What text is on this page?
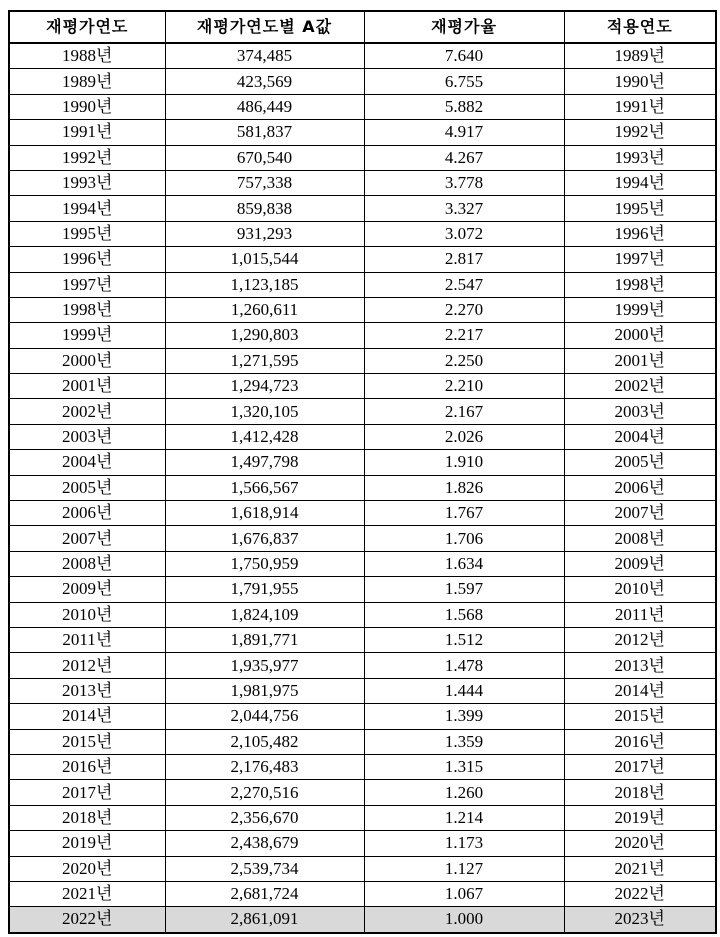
재평가연도	재평가연도별 A값	재평가율	적용연도
1988년	374,485	7.640	1989년
1989년	423,569	6.755	1990년
1990년	486,449	5.882	1991년
1991년	581,837	4.917	1992년
1992년	670,540	4.267	1993년
1993년	757,338	3.778	1994년
1994년	859,838	3.327	1995년
1995년	931,293	3.072	1996년
1996년	1,015,544	2.817	1997년
1997년	1,123,185	2.547	1998년
1998년	1,260,611	2.270	1999년
1999년	1,290,803	2.217	2000년
2000년	1,271,595	2.250	2001년
2001년	1,294,723	2.210	2002년
2002년	1,320,105	2.167	2003년
2003년	1,412,428	2.026	2004년
2004년	1,497,798	1.910	2005년
2005년	1,566,567	1.826	2006년
2006년	1,618,914	1.767	2007년
2007년	1,676,837	1.706	2008년
2008년	1,750,959	1.634	2009년
2009년	1,791,955	1.597	2010년
2010년	1,824,109	1.568	2011년
2011년	1,891,771	1.512	2012년
2012년	1,935,977	1.478	2013년
2013년	1,981,975	1.444	2014년
2014년	2,044,756	1.399	2015년
2015년	2,105,482	1.359	2016년
2016년	2,176,483	1.315	2017년
2017년	2,270,516	1.260	2018년
2018년	2,356,670	1.214	2019년
2019년	2,438,679	1.173	2020년
2020년	2,539,734	1.127	2021년
2021년	2,681,724	1.067	2022년
2022년	2,861,091	1.000	2023년
